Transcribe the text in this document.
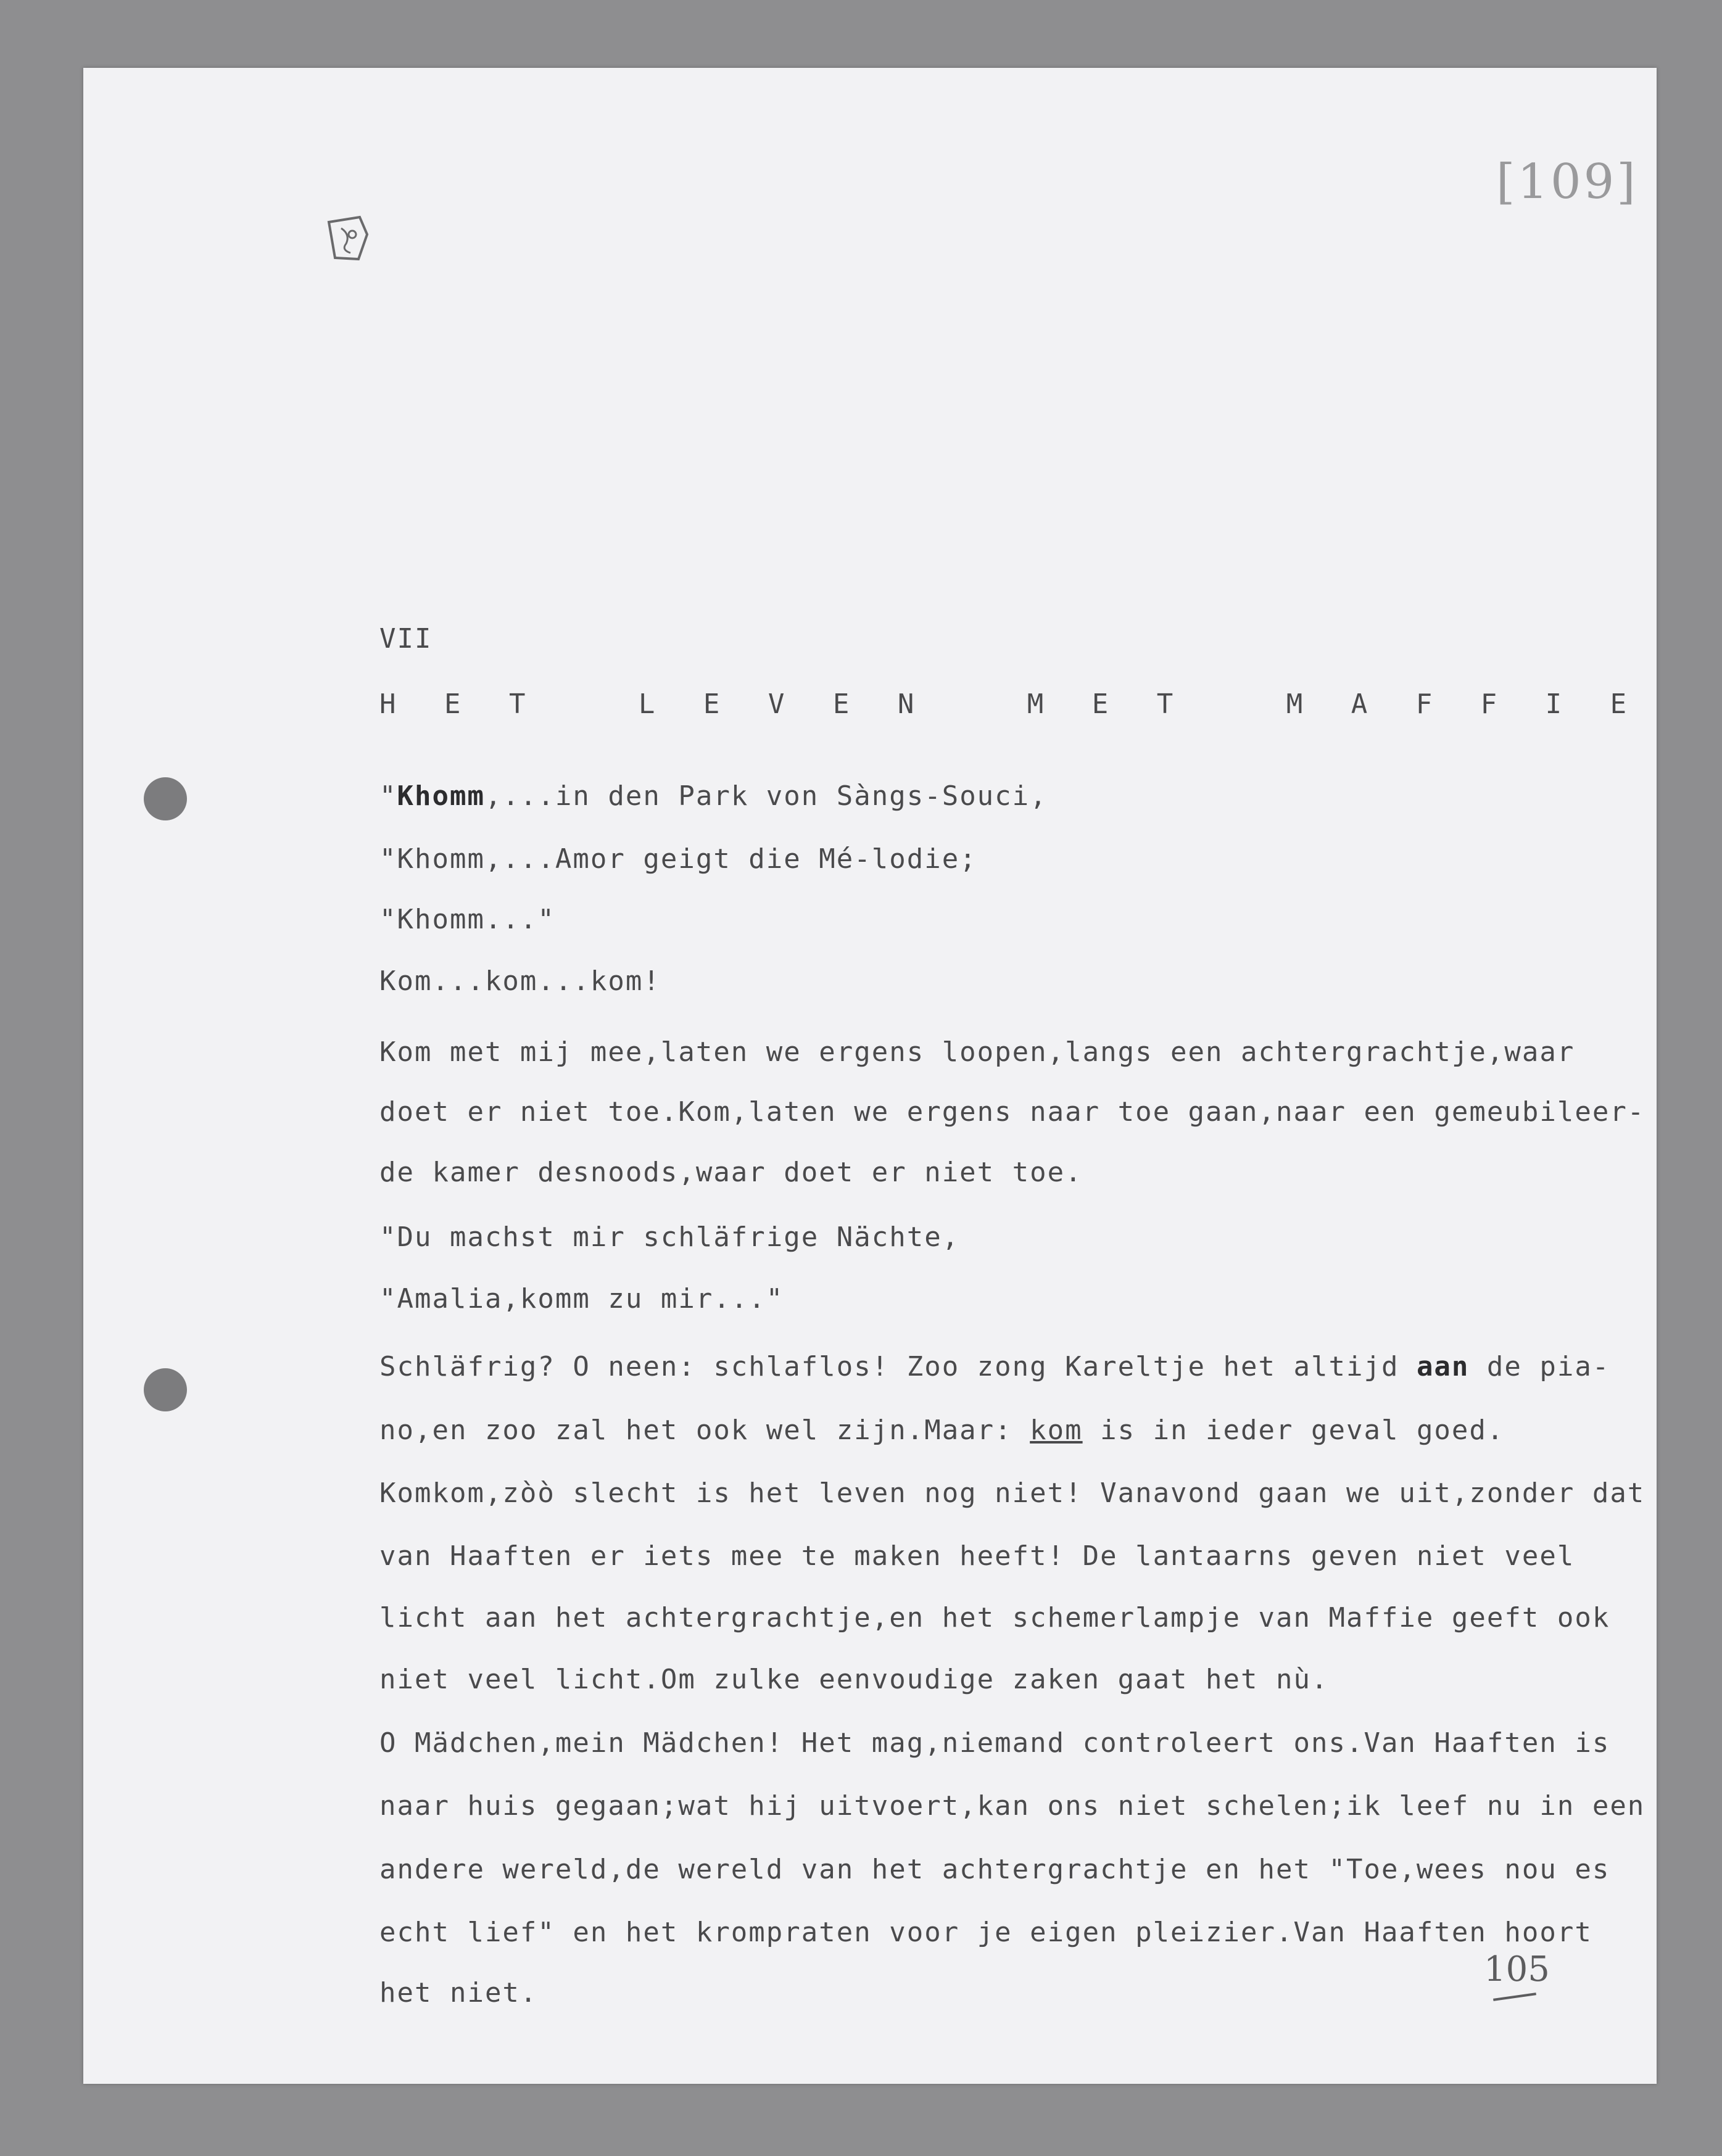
[109]
105
VII
H E T   L E V E N   M E T   M A F F I E
"Khomm,...in den Park von Sàngs-Souci,
"Khomm,...Amor geigt die Mé-lodie;
"Khomm..."
Kom...kom...kom!
Kom met mij mee,laten we ergens loopen,langs een achtergrachtje,waar
doet er niet toe.Kom,laten we ergens naar toe gaan,naar een gemeubileer-
de kamer desnoods,waar doet er niet toe.
"Du machst mir schläfrige Nächte,
"Amalia,komm zu mir..."
Schläfrig? O neen: schlaflos! Zoo zong Kareltje het altijd aan de pia-
no,en zoo zal het ook wel zijn.Maar: kom is in ieder geval goed.
Komkom,zòò slecht is het leven nog niet! Vanavond gaan we uit,zonder dat
van Haaften er iets mee te maken heeft! De lantaarns geven niet veel
licht aan het achtergrachtje,en het schemerlampje van Maffie geeft ook
niet veel licht.Om zulke eenvoudige zaken gaat het nù.
O Mädchen,mein Mädchen! Het mag,niemand controleert ons.Van Haaften is
naar huis gegaan;wat hij uitvoert,kan ons niet schelen;ik leef nu in een
andere wereld,de wereld van het achtergrachtje en het "Toe,wees nou es
echt lief" en het krompraten voor je eigen pleizier.Van Haaften hoort
het niet.
